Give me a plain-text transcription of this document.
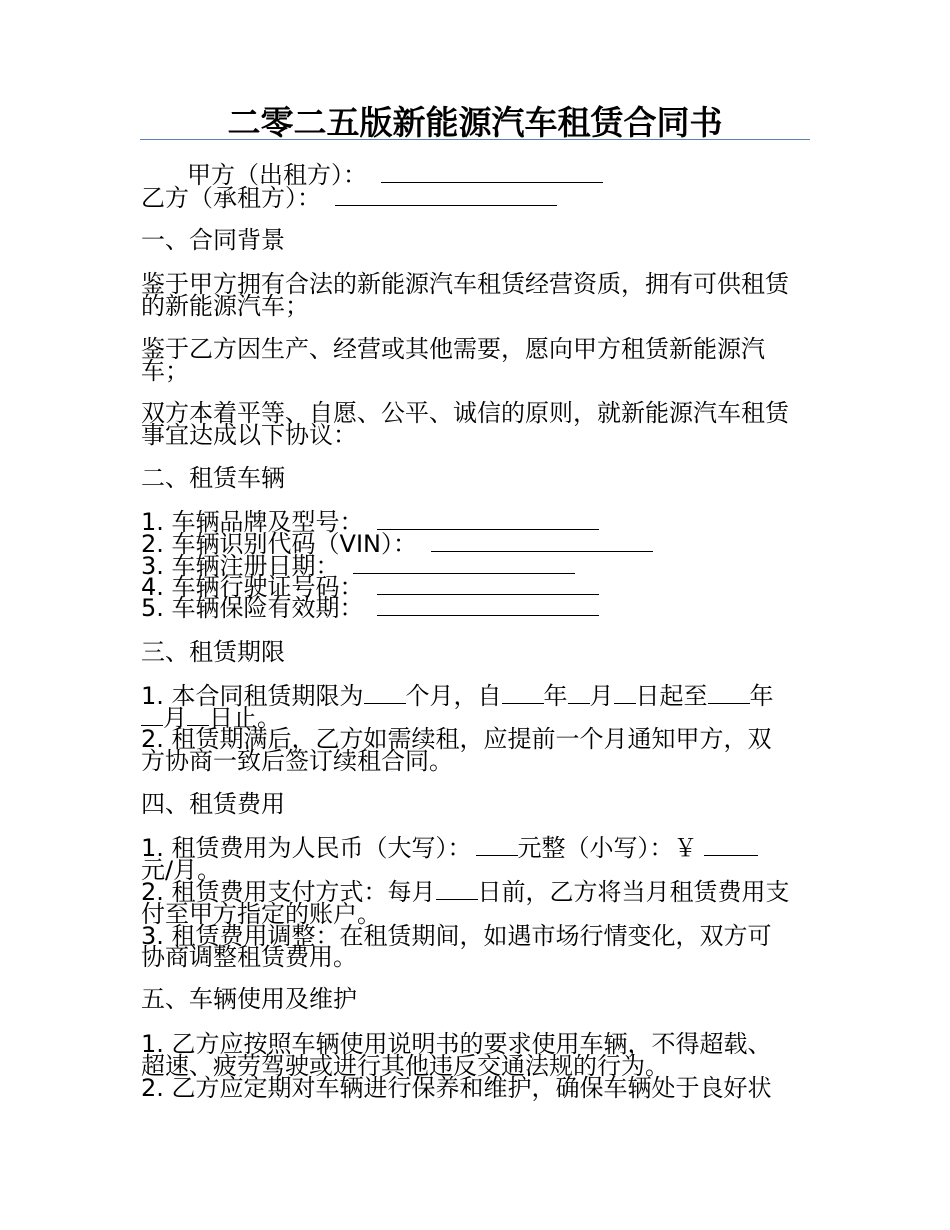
二零二五版新能源汽车租赁合同书
甲方（出租方）：
乙方（承租方）：
一、合同背景
鉴于甲方拥有合法的新能源汽车租赁经营资质，拥有可供租赁
的新能源汽车；
鉴于乙方因生产、经营或其他需要，愿向甲方租赁新能源汽
车；
双方本着平等、自愿、公平、诚信的原则，就新能源汽车租赁
事宜达成以下协议：
二、租赁车辆
1. 车辆品牌及型号：
2. 车辆识别代码（VIN）：
3. 车辆注册日期：
4. 车辆行驶证号码：
5. 车辆保险有效期：
三、租赁期限
1. 本合同租赁期限为 个月，自 年 月 日起至 年
月 日止。
2. 租赁期满后，乙方如需续租，应提前一个月通知甲方，双
方协商一致后签订续租合同。
四、租赁费用
1. 租赁费用为人民币（大写）： 元整（小写）：￥
元/月。
2. 租赁费用支付方式：每月 日前，乙方将当月租赁费用支
付至甲方指定的账户。
3. 租赁费用调整：在租赁期间，如遇市场行情变化，双方可
协商调整租赁费用。
五、车辆使用及维护
1. 乙方应按照车辆使用说明书的要求使用车辆，不得超载、
超速、疲劳驾驶或进行其他违反交通法规的行为。
2. 乙方应定期对车辆进行保养和维护，确保车辆处于良好状
